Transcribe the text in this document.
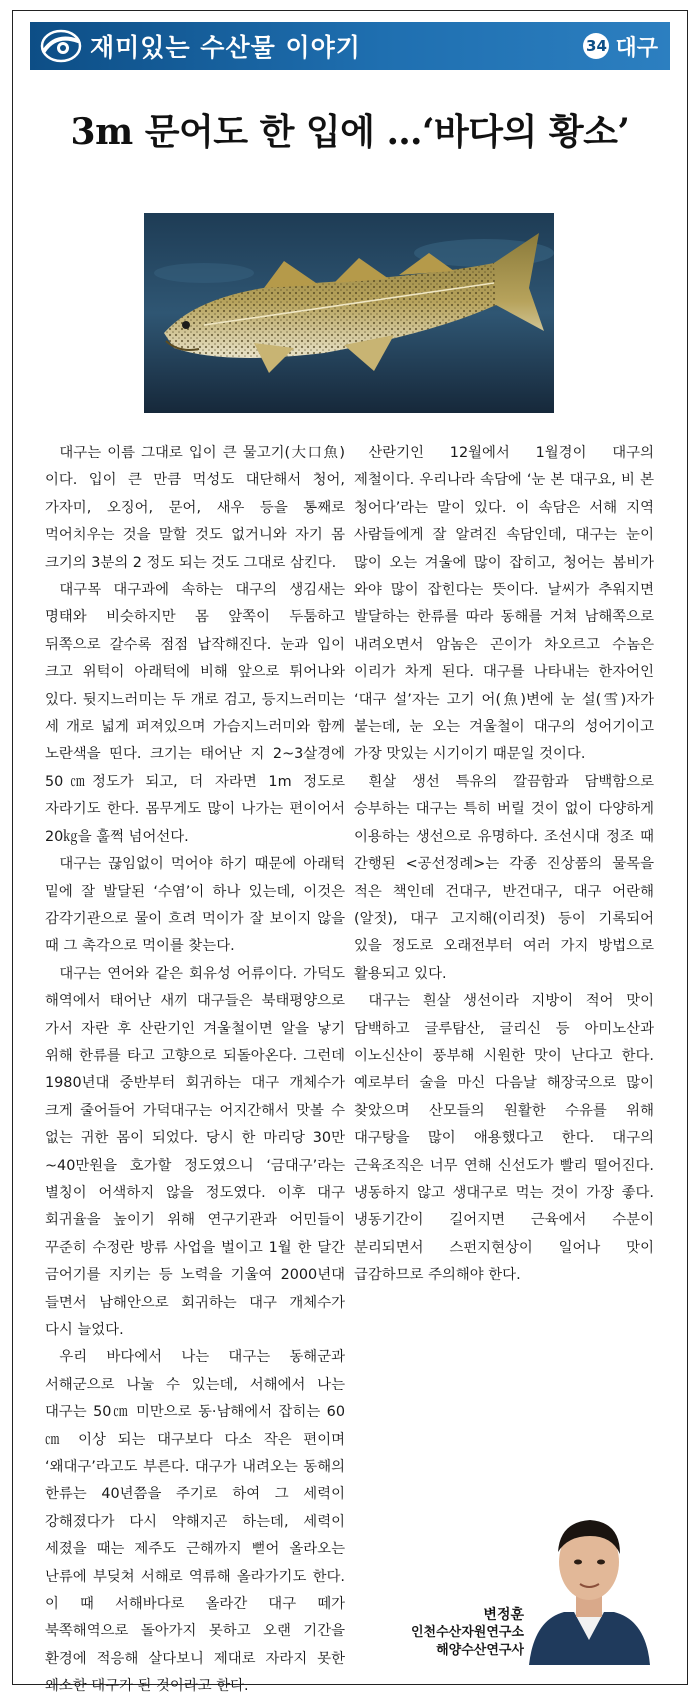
재미있는 수산물 이야기	34 대구
3m 문어도 한 입에 …‘바다의 황소’

대구는 이름 그대로 입이 큰 물고기(大口魚)이다. 입이 큰 만큼 먹성도 대단해서 청어, 가자미, 오징어, 문어, 새우 등을 통째로 먹어치우는 것을 말할 것도 없거니와 자기 몸 크기의 3분의 2 정도 되는 것도 그대로 삼킨다.

대구목 대구과에 속하는 대구의 생김새는 명태와 비슷하지만 몸 앞쪽이 두툼하고 뒤쪽으로 갈수록 점점 납작해진다. 눈과 입이 크고 위턱이 아래턱에 비해 앞으로 튀어나와 있다. 뒷지느러미는 두 개로 검고, 등지느러미는 세 개로 넓게 퍼져있으며 가슴지느러미와 함께 노란색을 띤다. 크기는 태어난 지 2~3살경에 50㎝정도가 되고, 더 자라면 1m 정도로 자라기도 한다. 몸무게도 많이 나가는 편이어서 20㎏을 훌쩍 넘어선다.

대구는 끊임없이 먹어야 하기 때문에 아래턱 밑에 잘 발달된 ‘수염’이 하나 있는데, 이것은 감각기관으로 물이 흐려 먹이가 잘 보이지 않을 때 그 촉각으로 먹이를 찾는다.

대구는 연어와 같은 회유성 어류이다. 가덕도 해역에서 태어난 새끼 대구들은 북태평양으로 가서 자란 후 산란기인 겨울철이면 알을 낳기 위해 한류를 타고 고향으로 되돌아온다. 그런데 1980년대 중반부터 회귀하는 대구 개체수가 크게 줄어들어 가덕대구는 어지간해서 맛볼 수 없는 귀한 몸이 되었다. 당시 한 마리당 30만~40만원을 호가할 정도였으니 ‘금대구’라는 별칭이 어색하지 않을 정도였다. 이후 대구 회귀율을 높이기 위해 연구기관과 어민들이 꾸준히 수정란 방류 사업을 벌이고 1월 한 달간 금어기를 지키는 등 노력을 기울여 2000년대 들면서 남해안으로 회귀하는 대구 개체수가 다시 늘었다.

우리 바다에서 나는 대구는 동해군과 서해군으로 나눌 수 있는데, 서해에서 나는 대구는 50㎝ 미만으로 동·남해에서 잡히는 60㎝ 이상 되는 대구보다 다소 작은 편이며 ‘왜대구’라고도 부른다. 대구가 내려오는 동해의 한류는 40년쯤을 주기로 하여 그 세력이 강해졌다가 다시 약해지곤 하는데, 세력이 세졌을 때는 제주도 근해까지 뻗어 올라오는 난류에 부딪쳐 서해로 역류해 올라가기도 한다. 이 때 서해바다로 올라간 대구 떼가 북쪽해역으로 돌아가지 못하고 오랜 기간을 환경에 적응해 살다보니 제대로 자라지 못한 왜소한 대구가 된 것이라고 한다.

산란기인 12월에서 1월경이 대구의 제철이다. 우리나라 속담에 ‘눈 본 대구요, 비 본 청어다’라는 말이 있다. 이 속담은 서해 지역 사람들에게 잘 알려진 속담인데, 대구는 눈이 많이 오는 겨울에 많이 잡히고, 청어는 봄비가 와야 많이 잡힌다는 뜻이다. 날씨가 추워지면 발달하는 한류를 따라 동해를 거쳐 남해쪽으로 내려오면서 암놈은 곤이가 차오르고 수놈은 이리가 차게 된다. 대구를 나타내는 한자어인 ‘대구 설’자는 고기 어(魚)변에 눈 설(雪)자가 붙는데, 눈 오는 겨울철이 대구의 성어기이고 가장 맛있는 시기이기 때문일 것이다.

흰살 생선 특유의 깔끔함과 담백함으로 승부하는 대구는 특히 버릴 것이 없이 다양하게 이용하는 생선으로 유명하다. 조선시대 정조 때 간행된 <공선정례>는 각종 진상품의 물목을 적은 책인데 건대구, 반건대구, 대구 어란해(알젓), 대구 고지해(이리젓) 등이 기록되어 있을 정도로 오래전부터 여러 가지 방법으로 활용되고 있다.

대구는 흰살 생선이라 지방이 적어 맛이 담백하고 글루탐산, 글리신 등 아미노산과 이노신산이 풍부해 시원한 맛이 난다고 한다. 예로부터 술을 마신 다음날 해장국으로 많이 찾았으며 산모들의 원활한 수유를 위해 대구탕을 많이 애용했다고 한다. 대구의 근육조직은 너무 연해 신선도가 빨리 떨어진다. 냉동하지 않고 생대구로 먹는 것이 가장 좋다. 냉동기간이 길어지면 근육에서 수분이 분리되면서 스펀지현상이 일어나 맛이 급감하므로 주의해야 한다.

변정훈
인천수산자원연구소
해양수산연구사
